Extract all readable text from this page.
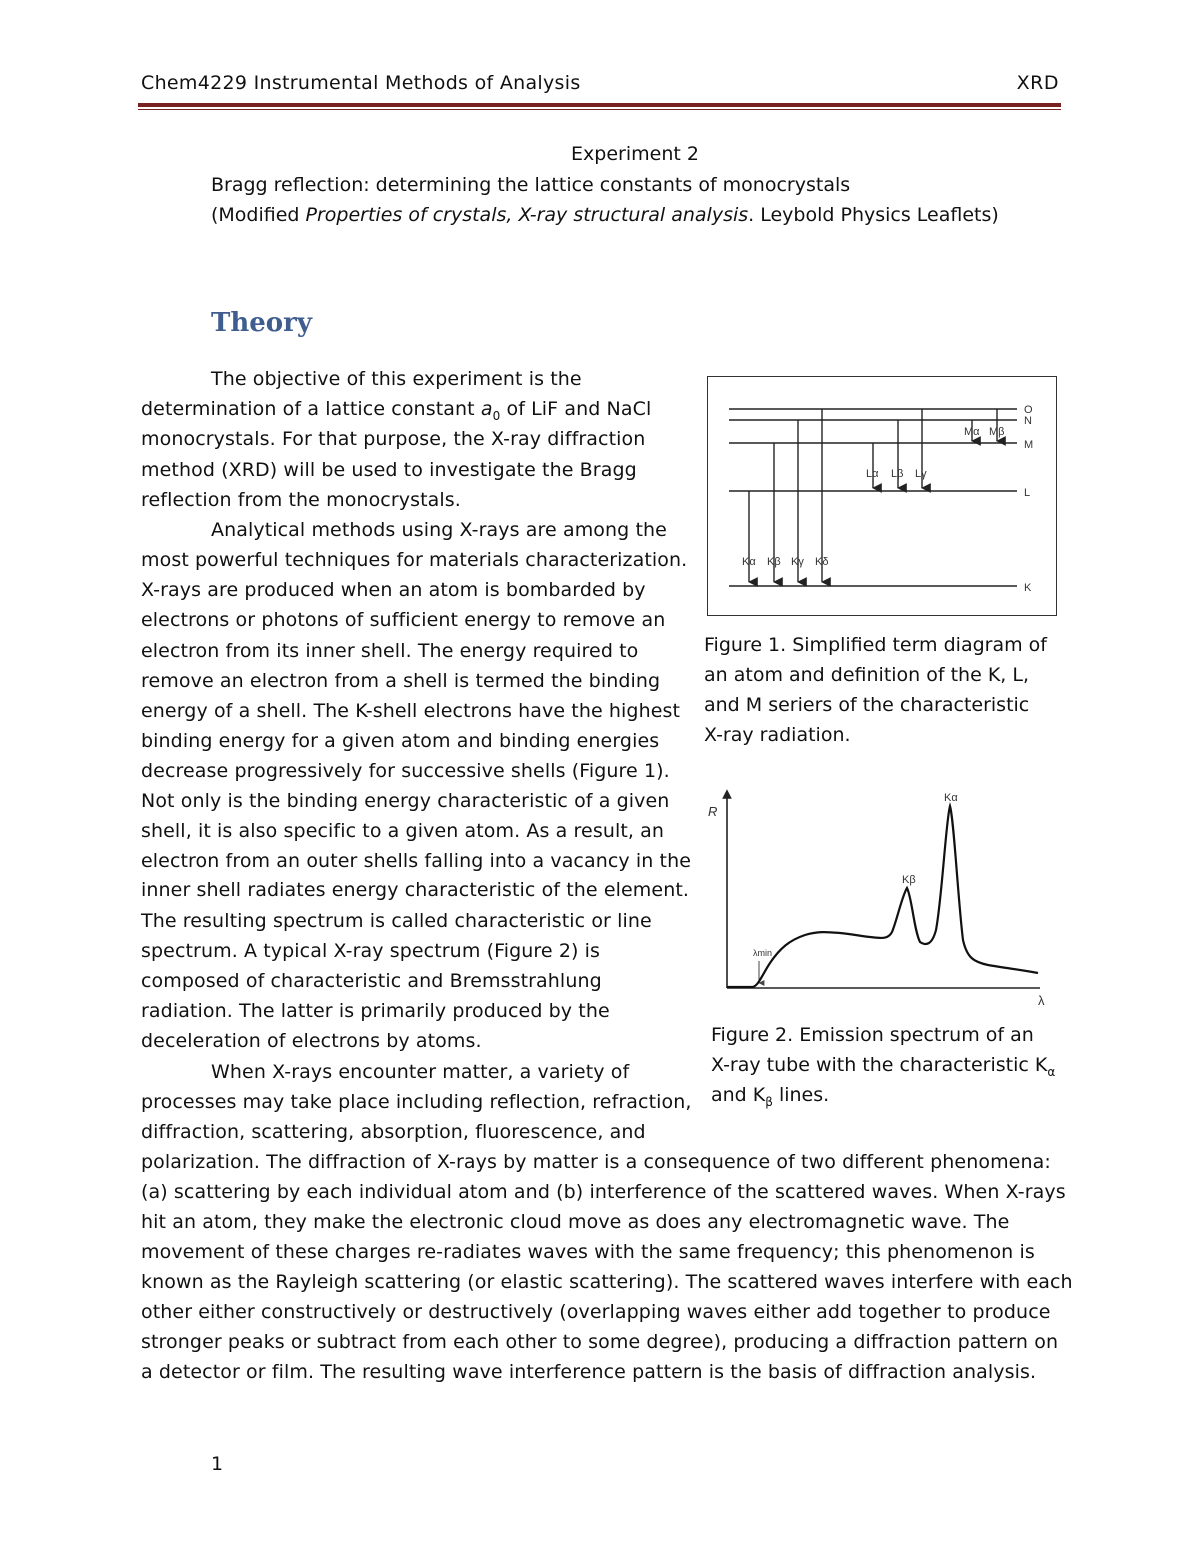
Chem4229 Instrumental Methods of Analysis	XRD
Experiment 2
Bragg reflection: determining the lattice constants of monocrystals
(Modified Properties of crystals, X-ray structural analysis. Leybold Physics Leaflets)
Theory
The objective of this experiment is the
determination of a lattice constant $a_0$ of LiF and NaCl
monocrystals. For that purpose, the X-ray diffraction
method (XRD) will be used to investigate the Bragg
reflection from the monocrystals.
Analytical methods using X-rays are among the
most powerful techniques for materials characterization.
X-rays are produced when an atom is bombarded by
electrons or photons of sufficient energy to remove an
electron from its inner shell. The energy required to
remove an electron from a shell is termed the binding
energy of a shell. The K-shell electrons have the highest
binding energy for a given atom and binding energies
decrease progressively for successive shells (Figure 1).
Not only is the binding energy characteristic of a given
shell, it is also specific to a given atom. As a result, an
electron from an outer shells falling into a vacancy in the
inner shell radiates energy characteristic of the element.
The resulting spectrum is called characteristic or line
spectrum. A typical X-ray spectrum (Figure 2) is
composed of characteristic and Bremsstrahlung
radiation. The latter is primarily produced by the
deceleration of electrons by atoms.
When X-rays encounter matter, a variety of
processes may take place including reflection, refraction,
diffraction, scattering, absorption, fluorescence, and
polarization. The diffraction of X-rays by matter is a consequence of two different phenomena:
(a) scattering by each individual atom and (b) interference of the scattered waves. When X-rays
hit an atom, they make the electronic cloud move as does any electromagnetic wave. The
movement of these charges re-radiates waves with the same frequency; this phenomenon is
known as the Rayleigh scattering (or elastic scattering). The scattered waves interfere with each
other either constructively or destructively (overlapping waves either add together to produce
stronger peaks or subtract from each other to some degree), producing a diffraction pattern on
a detector or film. The resulting wave interference pattern is the basis of diffraction analysis.
O
N
M
L
K
Kα Kβ Kγ Kδ
Lα Lβ Lγ
Mα Mβ
Figure 1. Simplified term diagram of
an atom and definition of the K, L,
and M seriers of the characteristic
X-ray radiation.
R
λ
λmin
Kβ
Kα
Figure 2. Emission spectrum of an
X-ray tube with the characteristic $K_\alpha$
and $K_\beta$ lines.
1
